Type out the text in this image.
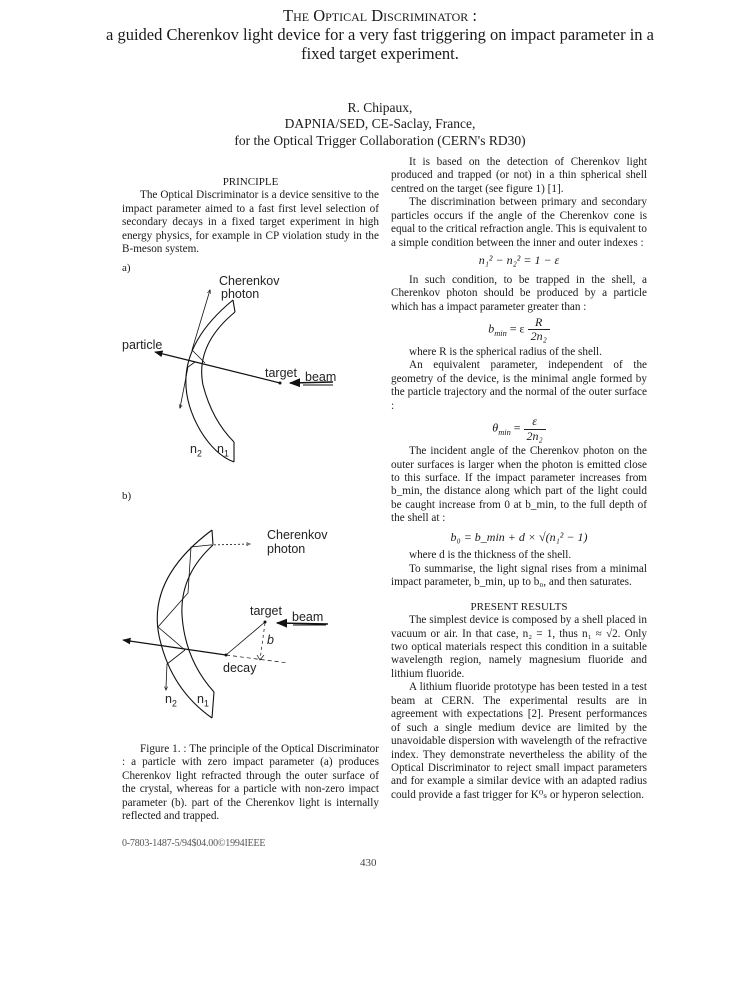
The Optical Discriminator :
a guided Cherenkov light device for a very fast triggering on impact parameter in a
fixed target experiment.
R. Chipaux,
DAPNIA/SED, CE-Saclay, France,
for the Optical Trigger Collaboration (CERN's RD30)

PRINCIPLE

The Optical Discriminator is a device sensitive to the impact parameter aimed to a fast first level selection of secondary decays in a fixed target experiment in high energy physics, for example in CP violation study in the B-meson system.

a)
Cherenkov
photon
particle
target beam
$n_2$ $n_1$
b)
Cherenkov
photon
target beam
b
decay
$n_2$ $n_1$

Figure 1. : The principle of the Optical Discriminator : a particle with zero impact parameter (a) produces Cherenkov light refracted through the outer surface of the crystal, whereas for a particle with non-zero impact parameter (b). part of the Cherenkov light is internally reflected and trapped.

It is based on the detection of Cherenkov light produced and trapped (or not) in a thin spherical shell centred on the target (see figure 1) [1].

The discrimination between primary and secondary particles occurs if the angle of the Cherenkov cone is equal to the critical refraction angle. This is equivalent to a simple condition between the inner and outer indexes :

n₁² − n₂² = 1 − ε

In such condition, to be trapped in the shell, a Cherenkov photon should be produced by a particle which has a impact parameter greater than :

$b_{min} = \varepsilon \frac{R}{\text{2n₂}}$

where R is the spherical radius of the shell.

An equivalent parameter, independent of the geometry of the device, is the minimal angle formed by the particle trajectory and the normal of the outer surface :

$\theta_{min} = \frac{\varepsilon}{\text{2n₂}}$

The incident angle of the Cherenkov photon on the outer surfaces is larger when the photon is emitted close to this surface. If the impact parameter increases from b_min, the distance along which part of the light could be caught increase from 0 at b_min, to the full depth of the shell at :

b₀ = b_min + d × √(n₁² − 1)

where d is the thickness of the shell.

To summarise, the light signal rises from a minimal impact parameter, b_min, up to b₀, and then saturates.

PRESENT RESULTS

The simplest device is composed by a shell placed in vacuum or air. In that case, n₂ = 1, thus n₁ ≈ √2. Only two optical materials respect this condition in a suitable wavelength region, namely magnesium fluoride and lithium fluoride.

A lithium fluoride prototype has been tested in a test beam at CERN. The experimental results are in agreement with expectations [2]. Present performances of such a single medium device are limited by the unavoidable dispersion with wavelength of the refractive index. They demonstrate nevertheless the ability of the Optical Discriminator to reject small impact parameters and for example a similar device with an adapted radius could provide a fast trigger for K⁰ₛ or hyperon selection.

0-7803-1487-5/94$04.00©1994IEEE
430
